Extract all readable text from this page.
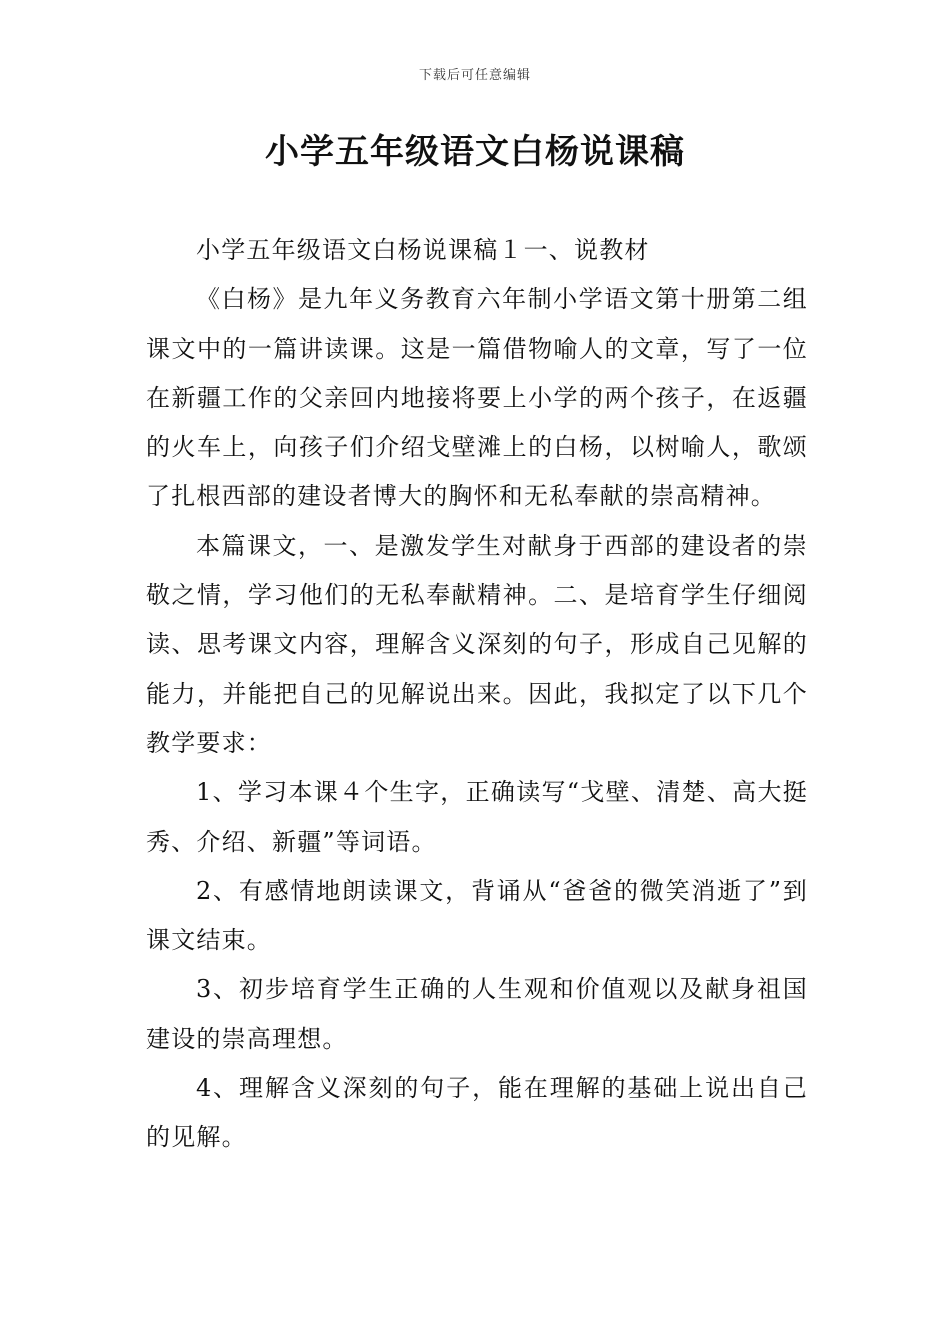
下载后可任意编辑
小学五年级语文白杨说课稿

小学五年级语文白杨说课稿１一、说教材

《白杨》是九年义务教育六年制小学语文第十册第二组课文中的一篇讲读课。这是一篇借物喻人的文章，写了一位在新疆工作的父亲回内地接将要上小学的两个孩子，在返疆的火车上，向孩子们介绍戈壁滩上的白杨，以树喻人，歌颂了扎根西部的建设者博大的胸怀和无私奉献的崇高精神。

本篇课文，一、是激发学生对献身于西部的建设者的崇敬之情，学习他们的无私奉献精神。二、是培育学生仔细阅读、思考课文内容，理解含义深刻的句子，形成自己见解的能力，并能把自己的见解说出来。因此，我拟定了以下几个教学要求：

1、学习本课４个生字，正确读写“戈壁、清楚、高大挺秀、介绍、新疆”等词语。

2、有感情地朗读课文，背诵从“爸爸的微笑消逝了”到课文结束。

3、初步培育学生正确的人生观和价值观以及献身祖国建设的崇高理想。

4、理解含义深刻的句子，能在理解的基础上说出自己的见解。
